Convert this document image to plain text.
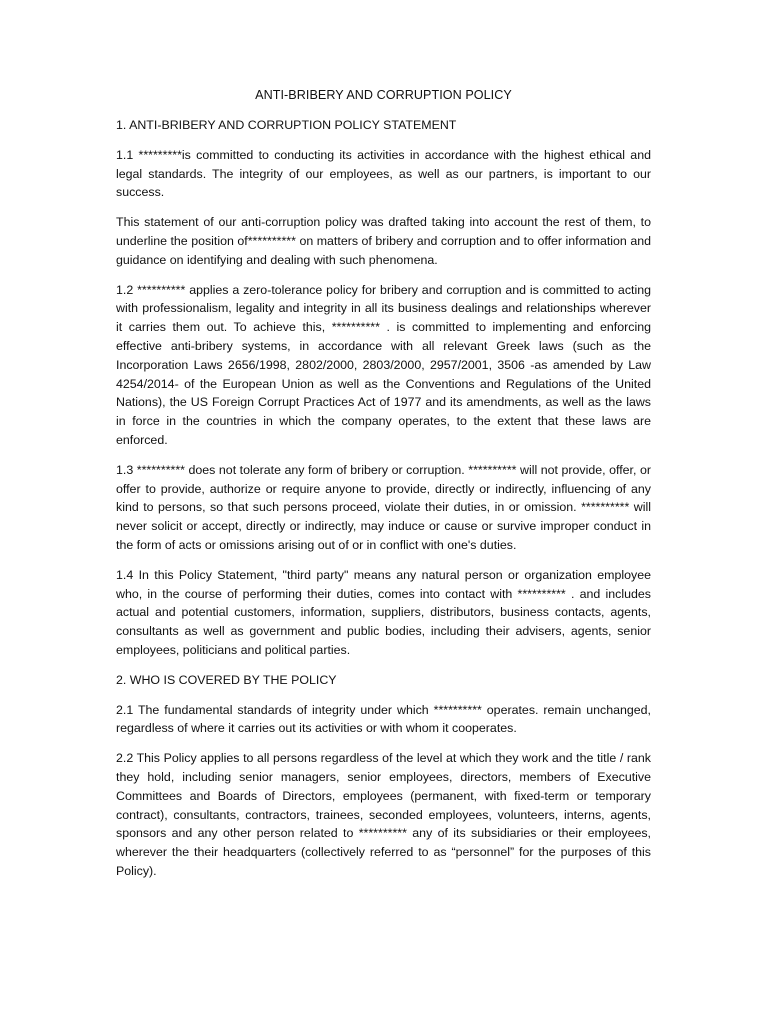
ANTI-BRIBERY AND CORRUPTION POLICY
1. ANTI-BRIBERY AND CORRUPTION POLICY STATEMENT

1.1 *********is committed to conducting its activities in accordance with the highest ethical and legal standards. The integrity of our employees, as well as our partners, is important to our success.

This statement of our anti-corruption policy was drafted taking into account the rest of them, to underline the position of********** on matters of bribery and corruption and to offer information and guidance on identifying and dealing with such phenomena.

1.2 ********** applies a zero-tolerance policy for bribery and corruption and is committed to acting with professionalism, legality and integrity in all its business dealings and relationships wherever it carries them out. To achieve this, ********** . is committed to implementing and enforcing effective anti-bribery systems, in accordance with all relevant Greek laws (such as the Incorporation Laws 2656/1998, 2802/2000, 2803/2000, 2957/2001, 3506 -as amended by Law 4254/2014- of the European Union as well as the Conventions and Regulations of the United Nations), the US Foreign Corrupt Practices Act of 1977 and its amendments, as well as the laws in force in the countries in which the company operates, to the extent that these laws are enforced.

1.3 ********** does not tolerate any form of bribery or corruption. ********** will not provide, offer, or offer to provide, authorize or require anyone to provide, directly or indirectly, influencing of any kind to persons, so that such persons proceed, violate their duties, in or omission. ********** will never solicit or accept, directly or indirectly, may induce or cause or survive improper conduct in the form of acts or omissions arising out of or in conflict with one's duties.

1.4 In this Policy Statement, "third party" means any natural person or organization employee who, in the course of performing their duties, comes into contact with ********** . and includes actual and potential customers, information, suppliers, distributors, business contacts, agents, consultants as well as government and public bodies, including their advisers, agents, senior employees, politicians and political parties.

2. WHO IS COVERED BY THE POLICY

2.1 The fundamental standards of integrity under which ********** operates. remain unchanged, regardless of where it carries out its activities or with whom it cooperates.

2.2 This Policy applies to all persons regardless of the level at which they work and the title / rank they hold, including senior managers, senior employees, directors, members of Executive Committees and Boards of Directors, employees (permanent, with fixed-term or temporary contract), consultants, contractors, trainees, seconded employees, volunteers, interns, agents, sponsors and any other person related to ********** any of its subsidiaries or their employees, wherever the their headquarters (collectively referred to as “personnel” for the purposes of this Policy).
